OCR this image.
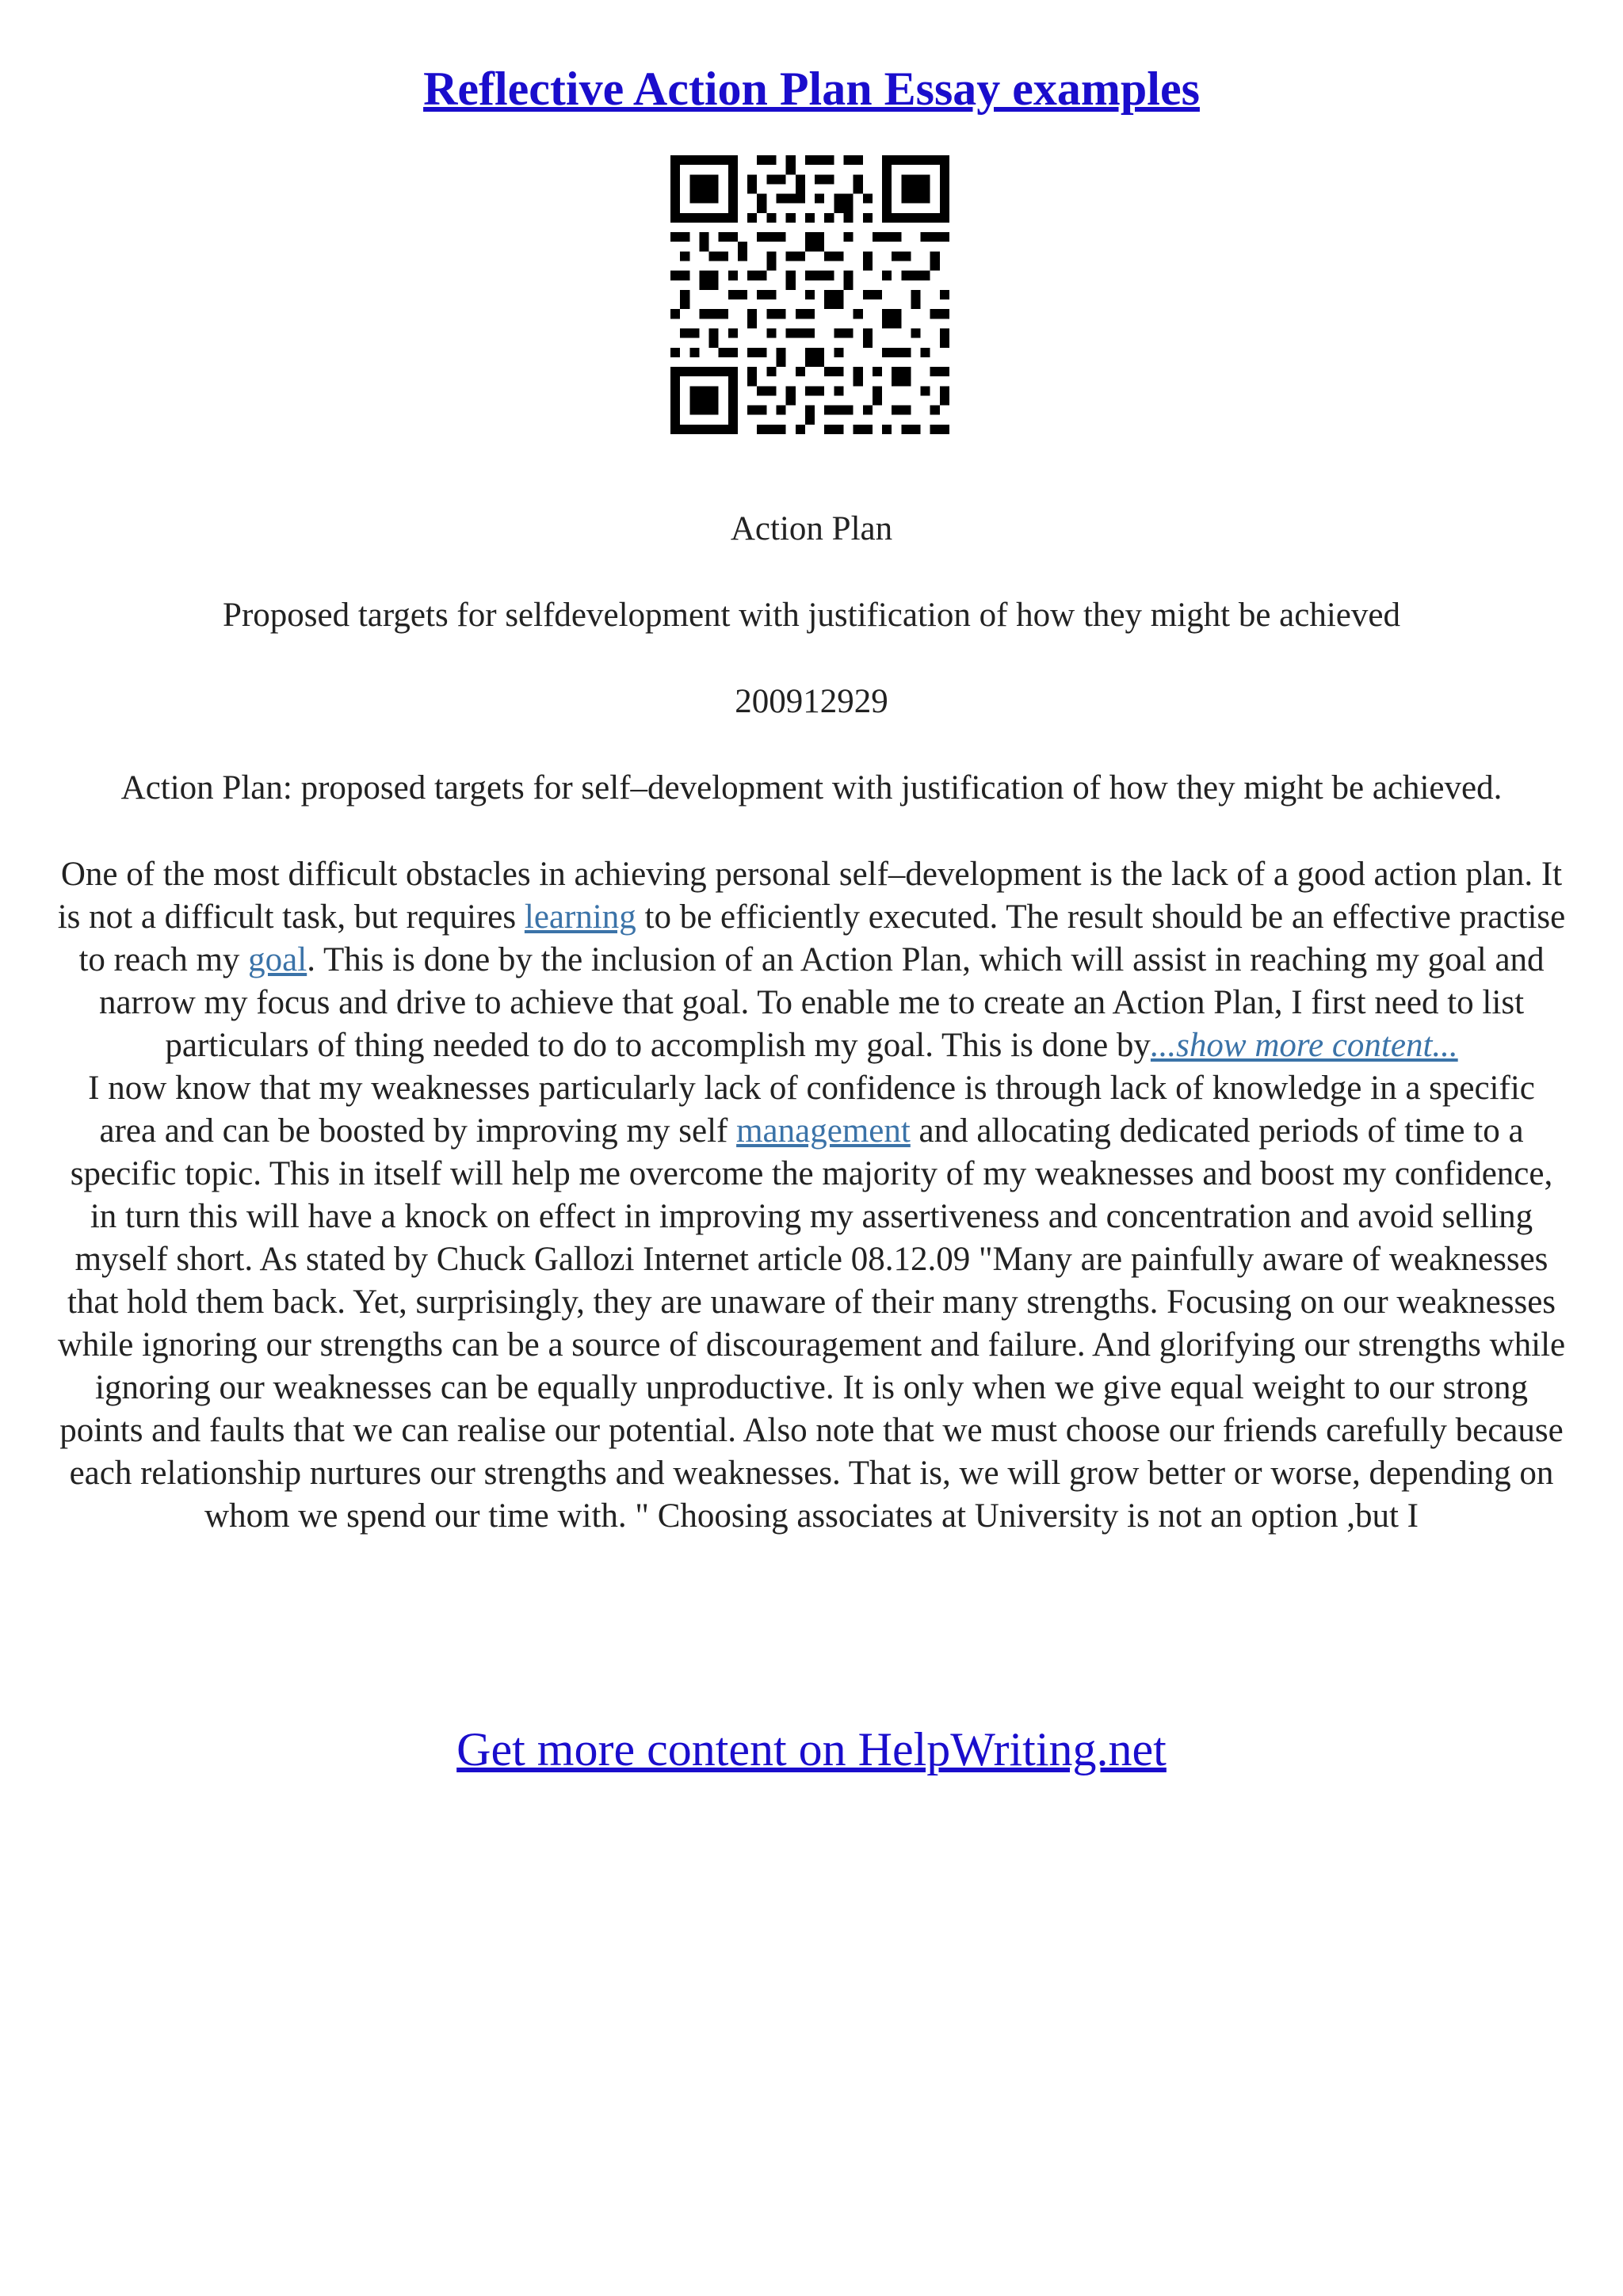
Reflective Action Plan Essay examples
Action Plan
Proposed targets for selfdevelopment with justification of how they might be achieved
200912929
Action Plan: proposed targets for self–development with justification of how they might be achieved.

One of the most difficult obstacles in achieving personal self–development is the lack of a good action plan. It is not a difficult task, but requires learning to be efficiently executed. The result should be an effective practise to reach my goal. This is done by the inclusion of an Action Plan, which will assist in reaching my goal and narrow my focus and drive to achieve that goal. To enable me to create an Action Plan, I first need to list particulars of thing needed to do to accomplish my goal. This is done by...show more content...

I now know that my weaknesses particularly lack of confidence is through lack of knowledge in a specific area and can be boosted by improving my self management and allocating dedicated periods of time to a specific topic. This in itself will help me overcome the majority of my weaknesses and boost my confidence, in turn this will have a knock on effect in improving my assertiveness and concentration and avoid selling myself short. As stated by Chuck Gallozi Internet article 08.12.09 "Many are painfully aware of weaknesses that hold them back. Yet, surprisingly, they are unaware of their many strengths. Focusing on our weaknesses while ignoring our strengths can be a source of discouragement and failure. And glorifying our strengths while ignoring our weaknesses can be equally unproductive. It is only when we give equal weight to our strong points and faults that we can realise our potential. Also note that we must choose our friends carefully because each relationship nurtures our strengths and weaknesses. That is, we will grow better or worse, depending on whom we spend our time with. " Choosing associates at University is not an option ,but I

Get more content on HelpWriting.net
